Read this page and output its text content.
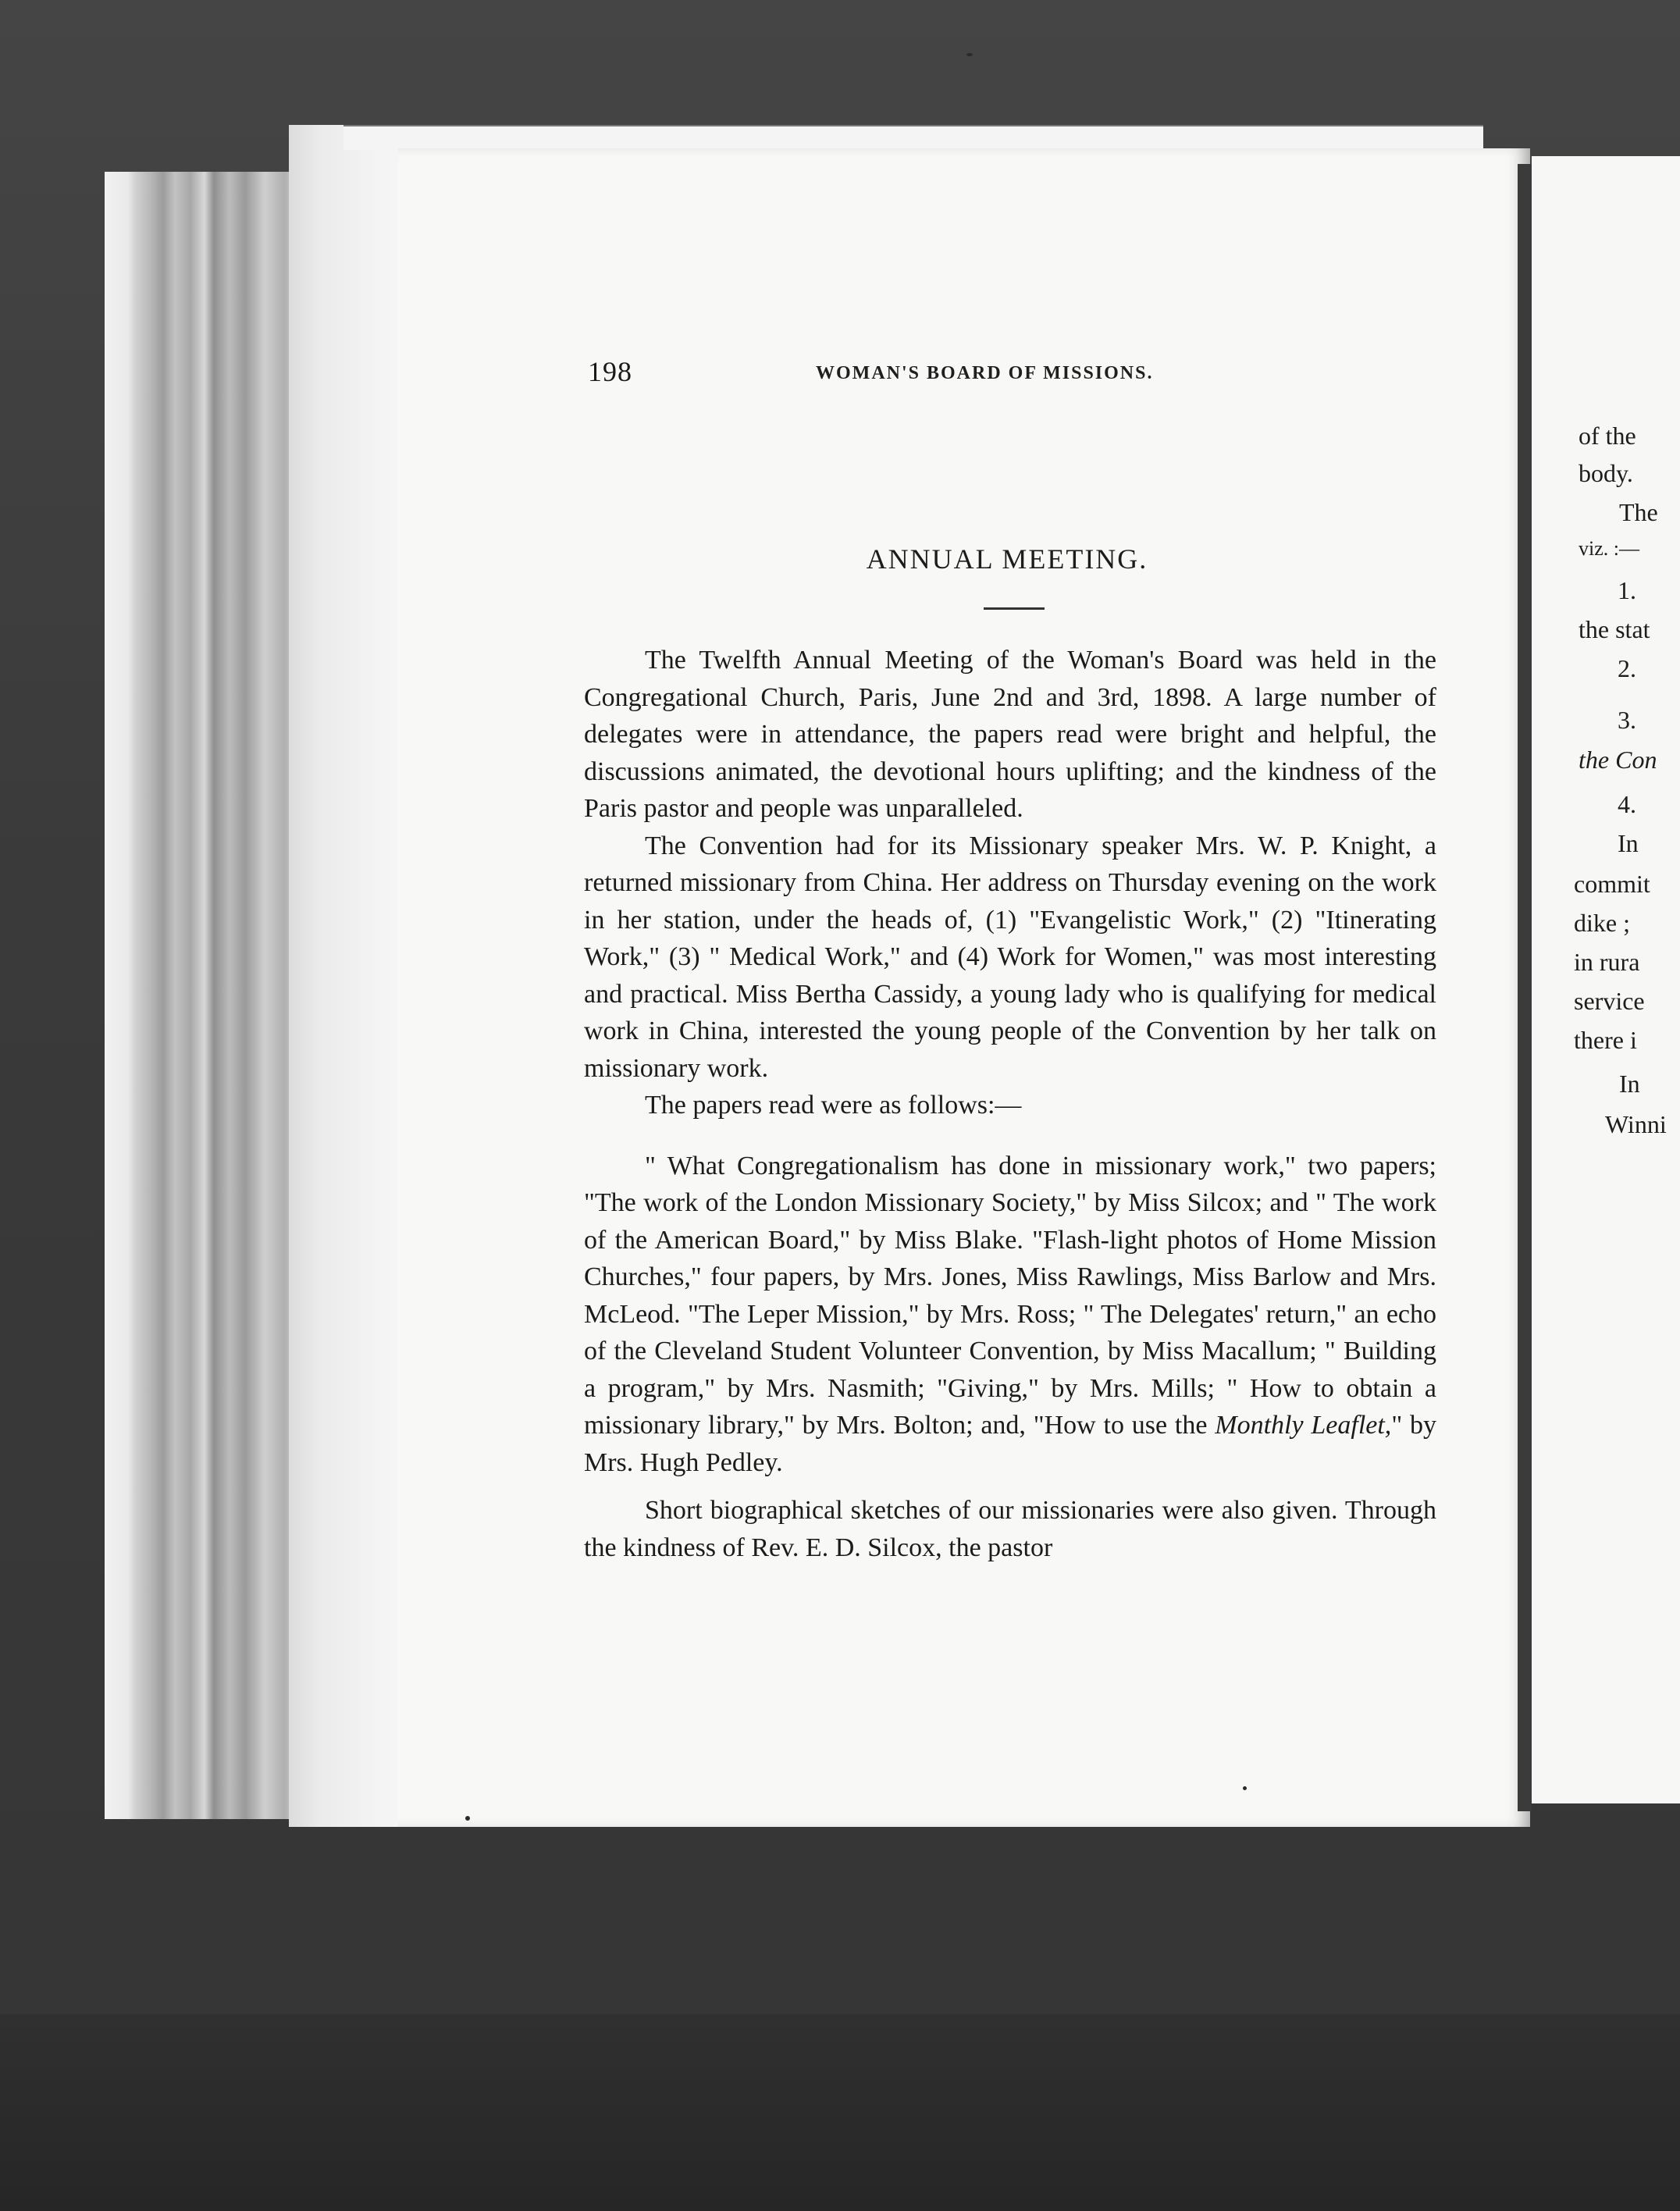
of the
body.
The
viz. :—
1.
the stat
2.
3.
the Con
4.
In
commit
dike ;
in rura
service
there i
In
Winni
198	WOMAN'S BOARD OF MISSIONS.
ANNUAL MEETING.

The Twelfth Annual Meeting of the Woman's Board was held in the Congregational Church, Paris, June 2nd and 3rd, 1898. A large number of delegates were in attendance, the papers read were bright and helpful, the discussions animated, the devotional hours uplifting; and the kindness of the Paris pastor and people was unparalleled.

The Convention had for its Missionary speaker Mrs. W. P. Knight, a returned missionary from China. Her address on Thursday evening on the work in her station, under the heads of, (1) "Evangelistic Work," (2) "Itinerating Work," (3) " Medical Work," and (4) Work for Women," was most interesting and practical. Miss Bertha Cassidy, a young lady who is qualifying for medical work in China, interested the young people of the Convention by her talk on missionary work.

The papers read were as follows:—

" What Congregationalism has done in missionary work," two papers; "The work of the London Missionary Society," by Miss Silcox; and " The work of the American Board," by Miss Blake. "Flash-light photos of Home Mission Churches," four papers, by Mrs. Jones, Miss Rawlings, Miss Barlow and Mrs. McLeod. "The Leper Mission," by Mrs. Ross; " The Delegates' return," an echo of the Cleveland Student Volunteer Convention, by Miss Macallum; " Building a program," by Mrs. Nasmith; "Giving," by Mrs. Mills; " How to obtain a missionary library," by Mrs. Bolton; and, "How to use the Monthly Leaflet," by Mrs. Hugh Pedley.

Short biographical sketches of our missionaries were also given. Through the kindness of Rev. E. D. Silcox, the pastor
